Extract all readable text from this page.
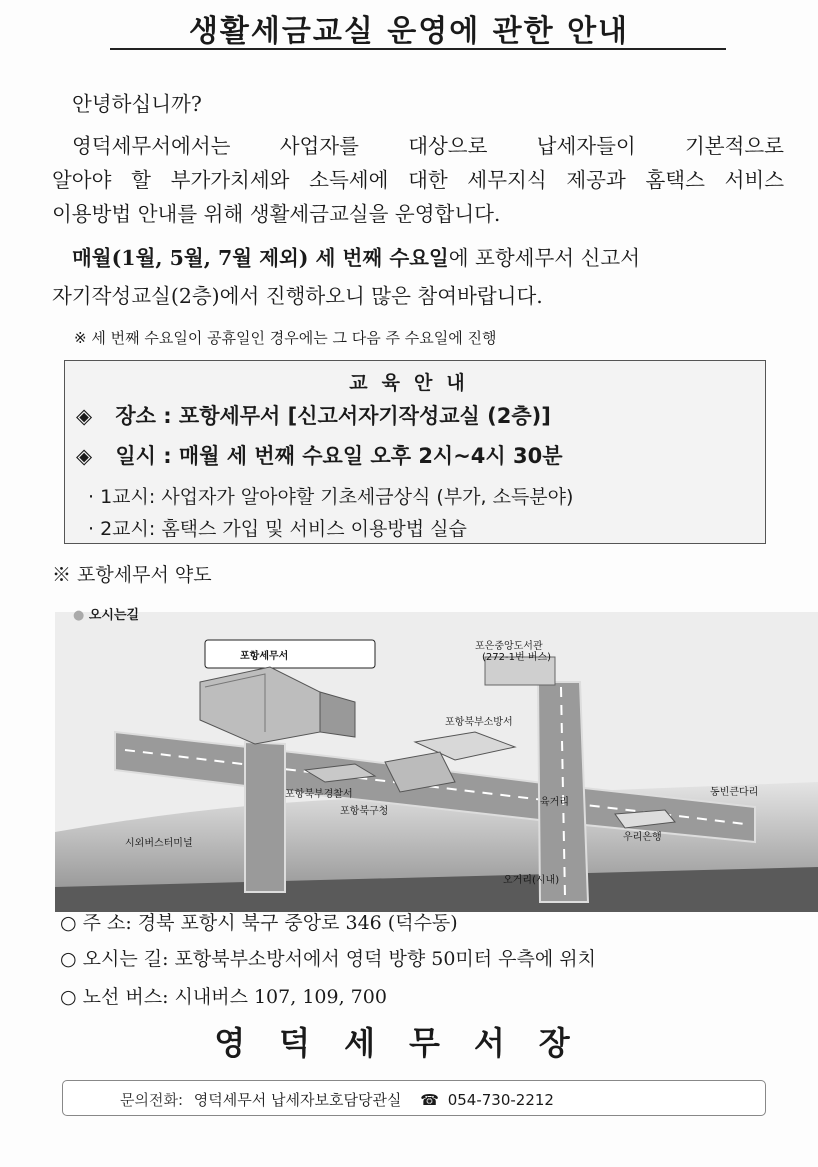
생활세금교실 운영에 관한 안내
안녕하십니까?
영덕세무서에서는 사업자를 대상으로 납세자들이 기본적으로
알아야 할 부가가치세와 소득세에 대한 세무지식 제공과 홈택스 서비스
이용방법 안내를 위해 생활세금교실을 운영합니다.
매월(1월, 5월, 7월 제외) 세 번째 수요일에 포항세무서 신고서
자기작성교실(2층)에서 진행하오니 많은 참여바랍니다.
※ 세 번째 수요일이 공휴일인 경우에는 그 다음 주 수요일에 진행
교육안내
◈ 장소 : 포항세무서 [신고서자기작성교실 (2층)]
◈ 일시 : 매월 세 번째 수요일 오후 2시~4시 30분
· 1교시: 사업자가 알아야할 기초세금상식 (부가, 소득분야)
· 2교시: 홈택스 가입 및 서비스 이용방법 실습
※ 포항세무서 약도
포항세무서
포은중앙도서관
(272-1번 버스)
포항북부소방서
포항북부경찰서
포항북구청
육거리
동빈큰다리
우리은행
시외버스터미널
오거리(시내)
● 오시는길
○ 주 소: 경북 포항시 북구 중앙로 346 (덕수동)
○ 오시는 길: 포항북부소방서에서 영덕 방향 50미터 우측에 위치
○ 노선 버스: 시내버스 107, 109, 700
영덕세무서장
문의전화: 영덕세무서 납세자보호담당관실 ☎ 054-730-2212
